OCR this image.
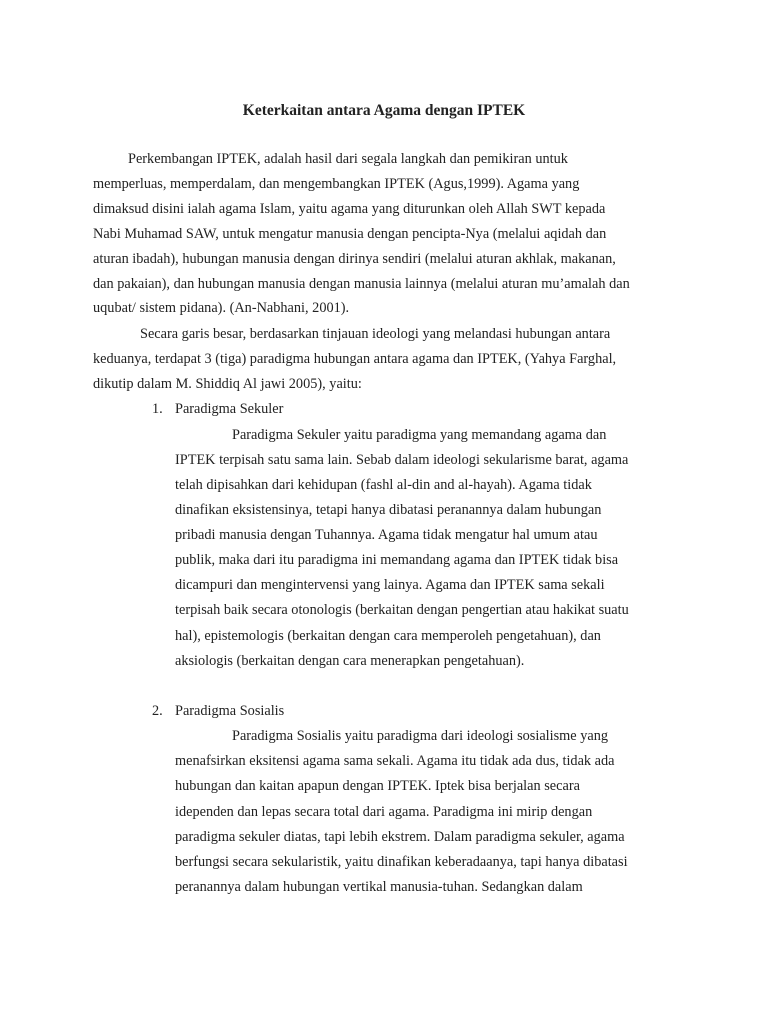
Keterkaitan antara Agama dengan IPTEK

Perkembangan IPTEK, adalah hasil dari segala langkah dan pemikiran untuk

memperluas, memperdalam, dan mengembangkan IPTEK (Agus,1999). Agama yang

dimaksud disini ialah agama Islam, yaitu agama yang diturunkan oleh Allah SWT kepada

Nabi Muhamad SAW, untuk mengatur manusia dengan pencipta-Nya (melalui aqidah dan

aturan ibadah), hubungan manusia dengan dirinya sendiri (melalui aturan akhlak, makanan,

dan pakaian), dan hubungan manusia dengan manusia lainnya (melalui aturan mu’amalah dan

uqubat/ sistem pidana). (An-Nabhani, 2001).

Secara garis besar, berdasarkan tinjauan ideologi yang melandasi hubungan antara

keduanya, terdapat 3 (tiga) paradigma hubungan antara agama dan IPTEK, (Yahya Farghal,

dikutip dalam M. Shiddiq Al jawi 2005), yaitu:

1. Paradigma Sekuler

Paradigma Sekuler yaitu paradigma yang memandang agama dan

IPTEK terpisah satu sama lain. Sebab dalam ideologi sekularisme barat, agama

telah dipisahkan dari kehidupan (fashl al-din and al-hayah). Agama tidak

dinafikan eksistensinya, tetapi hanya dibatasi peranannya dalam hubungan

pribadi manusia dengan Tuhannya. Agama tidak mengatur hal umum atau

publik, maka dari itu paradigma ini memandang agama dan IPTEK tidak bisa

dicampuri dan mengintervensi yang lainya. Agama dan IPTEK sama sekali

terpisah baik secara otonologis (berkaitan dengan pengertian atau hakikat suatu

hal), epistemologis (berkaitan dengan cara memperoleh pengetahuan), dan

aksiologis (berkaitan dengan cara menerapkan pengetahuan).

2. Paradigma Sosialis

Paradigma Sosialis yaitu paradigma dari ideologi sosialisme yang

menafsirkan eksitensi agama sama sekali. Agama itu tidak ada dus, tidak ada

hubungan dan kaitan apapun dengan IPTEK. Iptek bisa berjalan secara

idependen dan lepas secara total dari agama. Paradigma ini mirip dengan

paradigma sekuler diatas, tapi lebih ekstrem. Dalam paradigma sekuler, agama

berfungsi secara sekularistik, yaitu dinafikan keberadaanya, tapi hanya dibatasi

peranannya dalam hubungan vertikal manusia-tuhan. Sedangkan dalam
